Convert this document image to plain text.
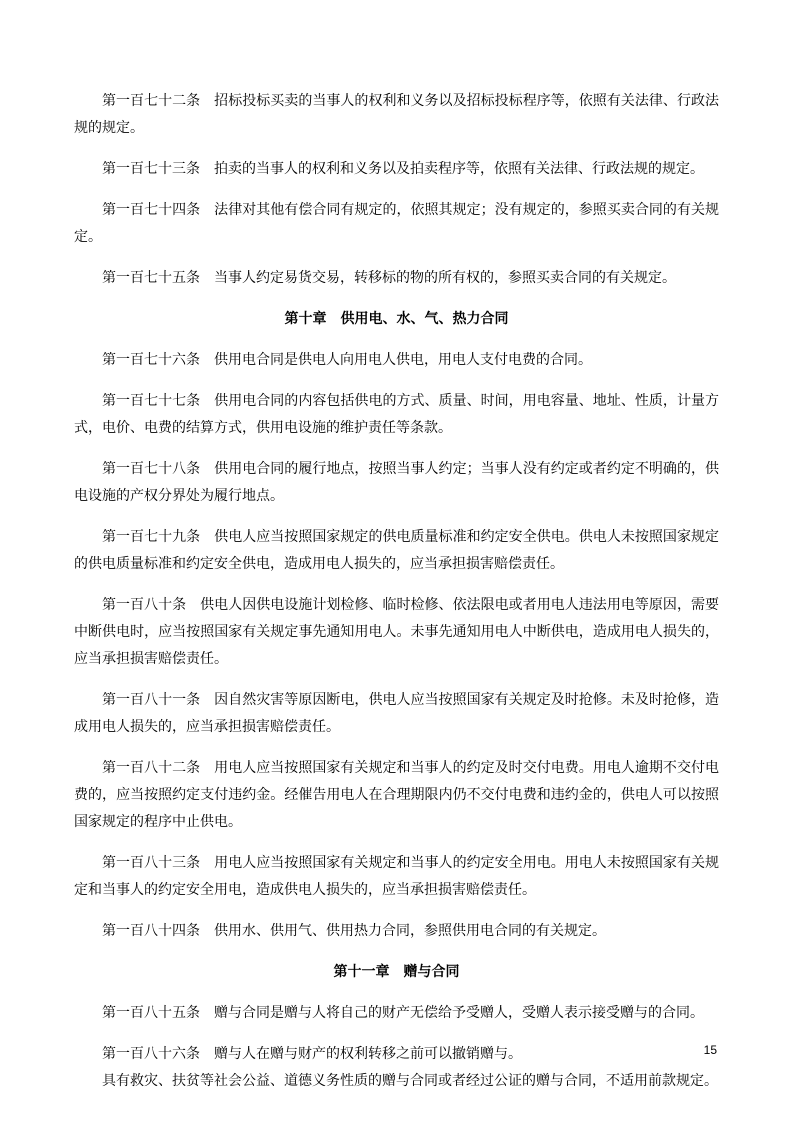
第一百七十二条　招标投标买卖的当事人的权利和义务以及招标投标程序等，依照有关法律、行政法规的规定。

第一百七十三条　拍卖的当事人的权利和义务以及拍卖程序等，依照有关法律、行政法规的规定。

第一百七十四条　法律对其他有偿合同有规定的，依照其规定；没有规定的，参照买卖合同的有关规定。

第一百七十五条　当事人约定易货交易，转移标的物的所有权的，参照买卖合同的有关规定。

第十章　供用电、水、气、热力合同

第一百七十六条　供用电合同是供电人向用电人供电，用电人支付电费的合同。

第一百七十七条　供用电合同的内容包括供电的方式、质量、时间，用电容量、地址、性质，计量方式，电价、电费的结算方式，供用电设施的维护责任等条款。

第一百七十八条　供用电合同的履行地点，按照当事人约定；当事人没有约定或者约定不明确的，供电设施的产权分界处为履行地点。

第一百七十九条　供电人应当按照国家规定的供电质量标准和约定安全供电。供电人未按照国家规定的供电质量标准和约定安全供电，造成用电人损失的，应当承担损害赔偿责任。

第一百八十条　供电人因供电设施计划检修、临时检修、依法限电或者用电人违法用电等原因，需要中断供电时，应当按照国家有关规定事先通知用电人。未事先通知用电人中断供电，造成用电人损失的，应当承担损害赔偿责任。

第一百八十一条　因自然灾害等原因断电，供电人应当按照国家有关规定及时抢修。未及时抢修，造成用电人损失的，应当承担损害赔偿责任。

第一百八十二条　用电人应当按照国家有关规定和当事人的约定及时交付电费。用电人逾期不交付电费的，应当按照约定支付违约金。经催告用电人在合理期限内仍不交付电费和违约金的，供电人可以按照国家规定的程序中止供电。

第一百八十三条　用电人应当按照国家有关规定和当事人的约定安全用电。用电人未按照国家有关规定和当事人的约定安全用电，造成供电人损失的，应当承担损害赔偿责任。

第一百八十四条　供用水、供用气、供用热力合同，参照供用电合同的有关规定。

第十一章　赠与合同

第一百八十五条　赠与合同是赠与人将自己的财产无偿给予受赠人，受赠人表示接受赠与的合同。

第一百八十六条　赠与人在赠与财产的权利转移之前可以撤销赠与。

具有救灾、扶贫等社会公益、道德义务性质的赠与合同或者经过公证的赠与合同，不适用前款规定。

15
